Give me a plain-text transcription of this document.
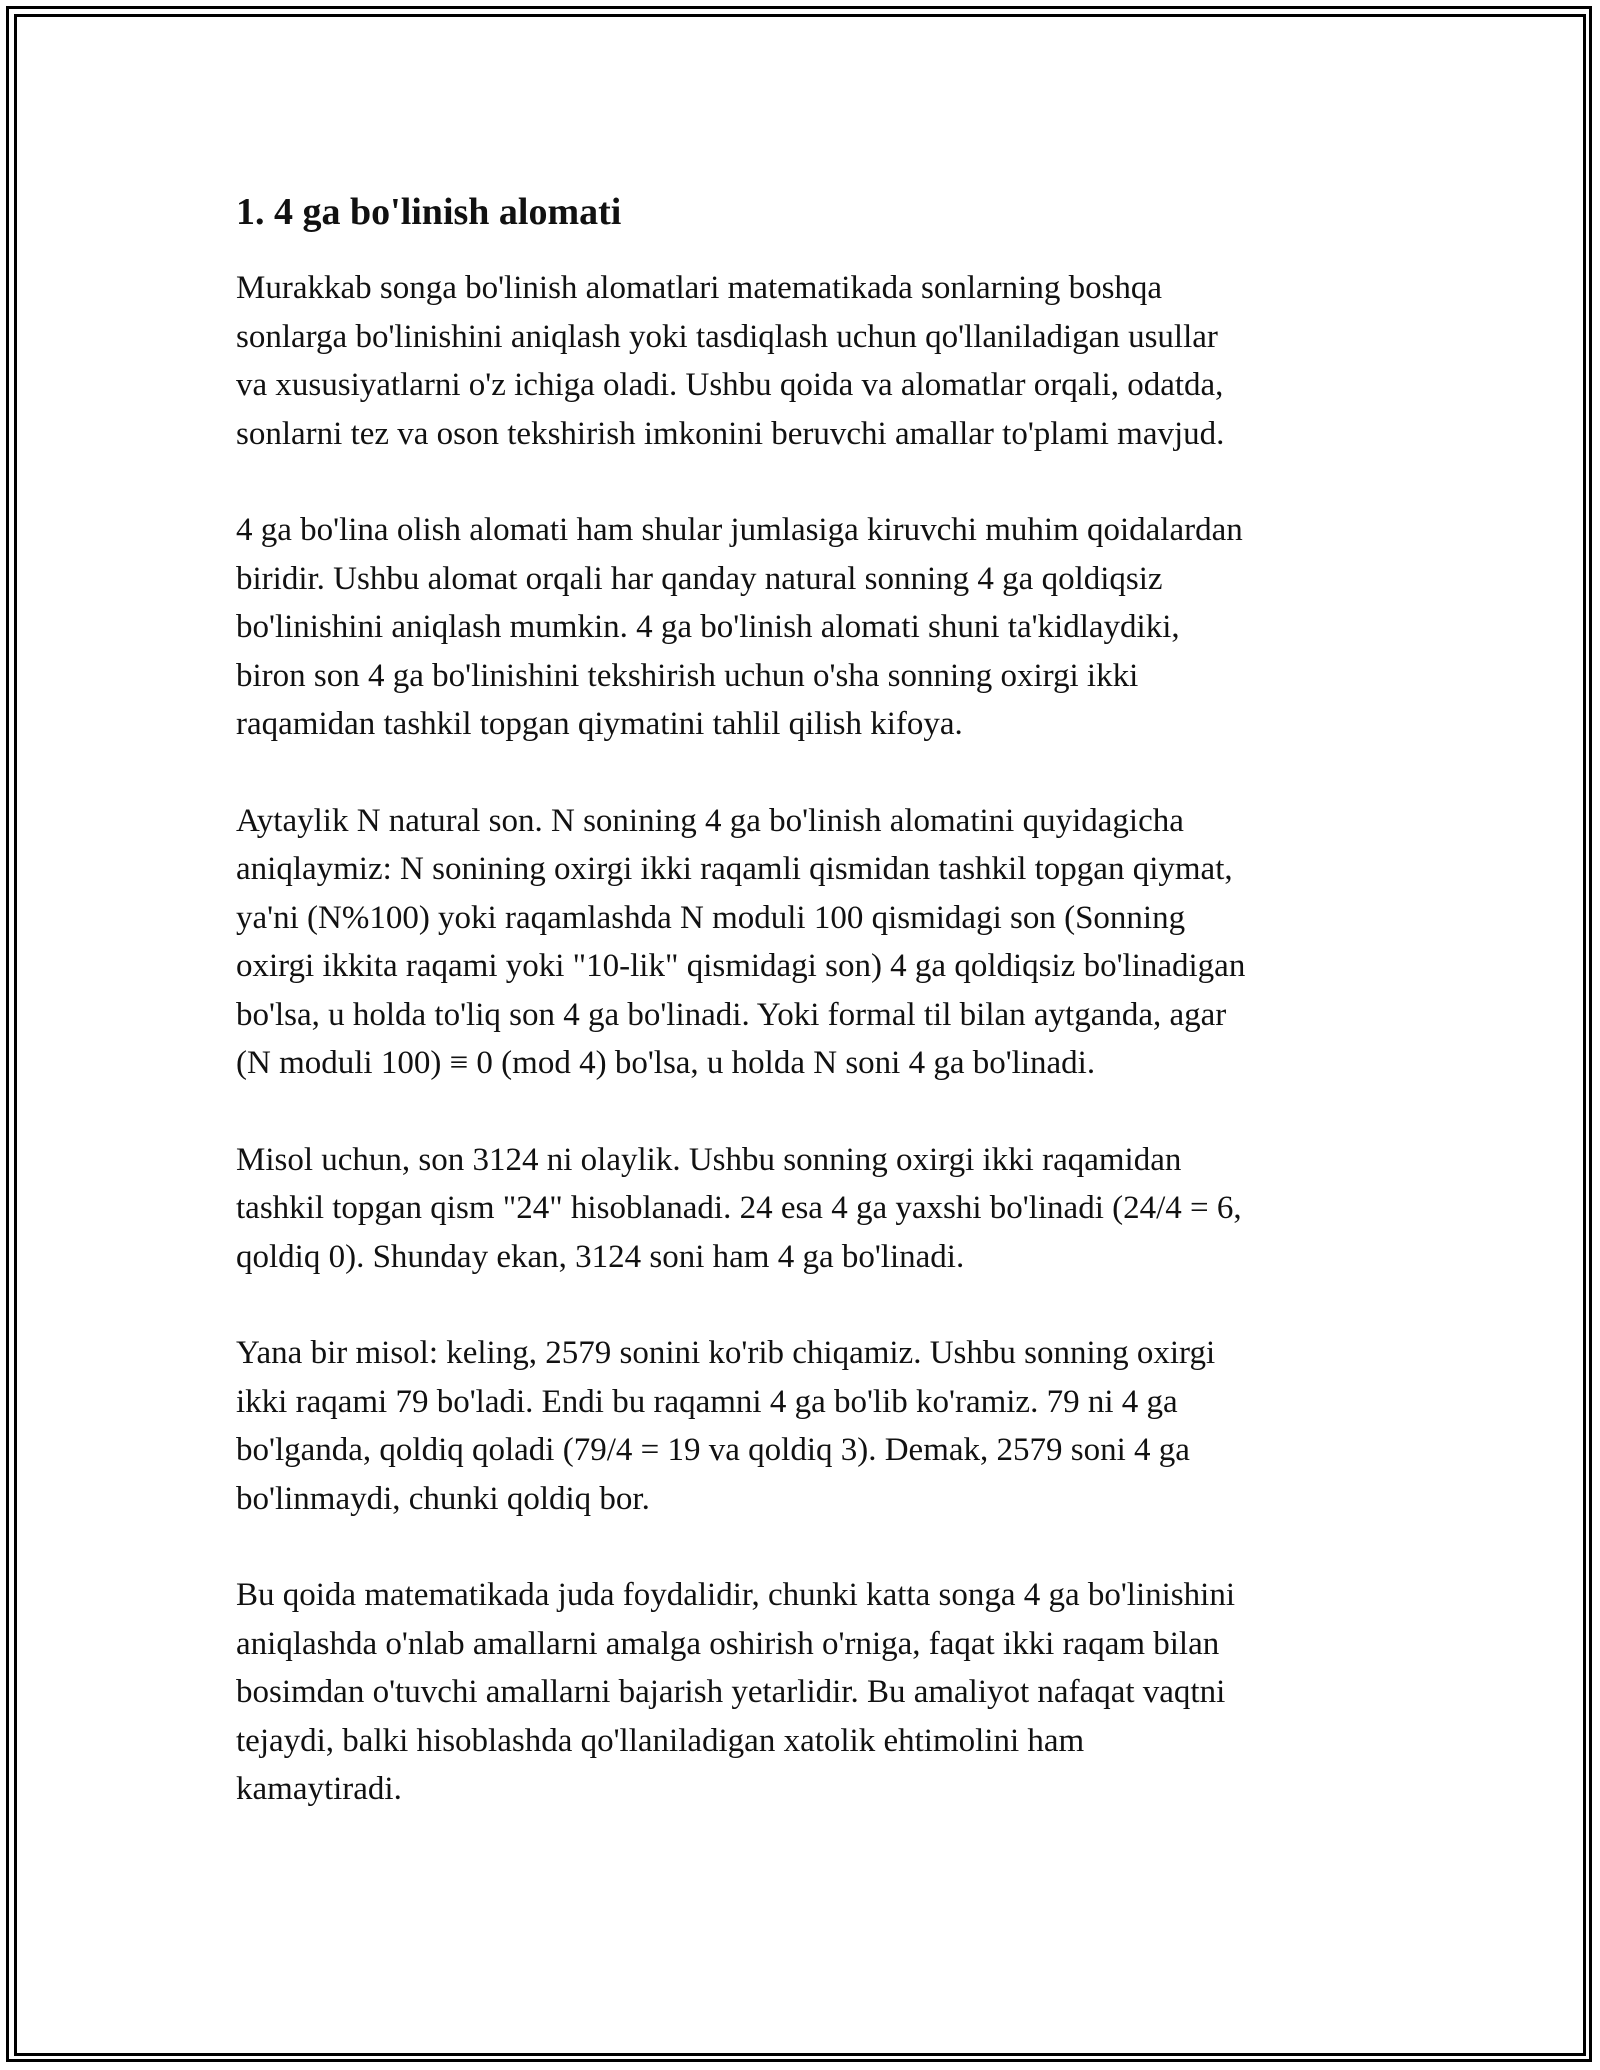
1. 4 ga bo'linish alomati

Murakkab songa bo'linish alomatlari matematikada sonlarning boshqa
sonlarga bo'linishini aniqlash yoki tasdiqlash uchun qo'llaniladigan usullar
va xususiyatlarni o'z ichiga oladi. Ushbu qoida va alomatlar orqali, odatda,
sonlarni tez va oson tekshirish imkonini beruvchi amallar to'plami mavjud.

4 ga bo'lina olish alomati ham shular jumlasiga kiruvchi muhim qoidalardan
biridir. Ushbu alomat orqali har qanday natural sonning 4 ga qoldiqsiz
bo'linishini aniqlash mumkin. 4 ga bo'linish alomati shuni ta'kidlaydiki,
biron son 4 ga bo'linishini tekshirish uchun o'sha sonning oxirgi ikki
raqamidan tashkil topgan qiymatini tahlil qilish kifoya.

Aytaylik N natural son. N sonining 4 ga bo'linish alomatini quyidagicha
aniqlaymiz: N sonining oxirgi ikki raqamli qismidan tashkil topgan qiymat,
ya'ni (N%100) yoki raqamlashda N moduli 100 qismidagi son (Sonning
oxirgi ikkita raqami yoki "10-lik" qismidagi son) 4 ga qoldiqsiz bo'linadigan
bo'lsa, u holda to'liq son 4 ga bo'linadi. Yoki formal til bilan aytganda, agar
(N moduli 100) ≡ 0 (mod 4) bo'lsa, u holda N soni 4 ga bo'linadi.

Misol uchun, son 3124 ni olaylik. Ushbu sonning oxirgi ikki raqamidan
tashkil topgan qism "24" hisoblanadi. 24 esa 4 ga yaxshi bo'linadi (24/4 = 6,
qoldiq 0). Shunday ekan, 3124 soni ham 4 ga bo'linadi.

Yana bir misol: keling, 2579 sonini ko'rib chiqamiz. Ushbu sonning oxirgi
ikki raqami 79 bo'ladi. Endi bu raqamni 4 ga bo'lib ko'ramiz. 79 ni 4 ga
bo'lganda, qoldiq qoladi (79/4 = 19 va qoldiq 3). Demak, 2579 soni 4 ga
bo'linmaydi, chunki qoldiq bor.

Bu qoida matematikada juda foydalidir, chunki katta songa 4 ga bo'linishini
aniqlashda o'nlab amallarni amalga oshirish o'rniga, faqat ikki raqam bilan
bosimdan o'tuvchi amallarni bajarish yetarlidir. Bu amaliyot nafaqat vaqtni
tejaydi, balki hisoblashda qo'llaniladigan xatolik ehtimolini ham
kamaytiradi.
